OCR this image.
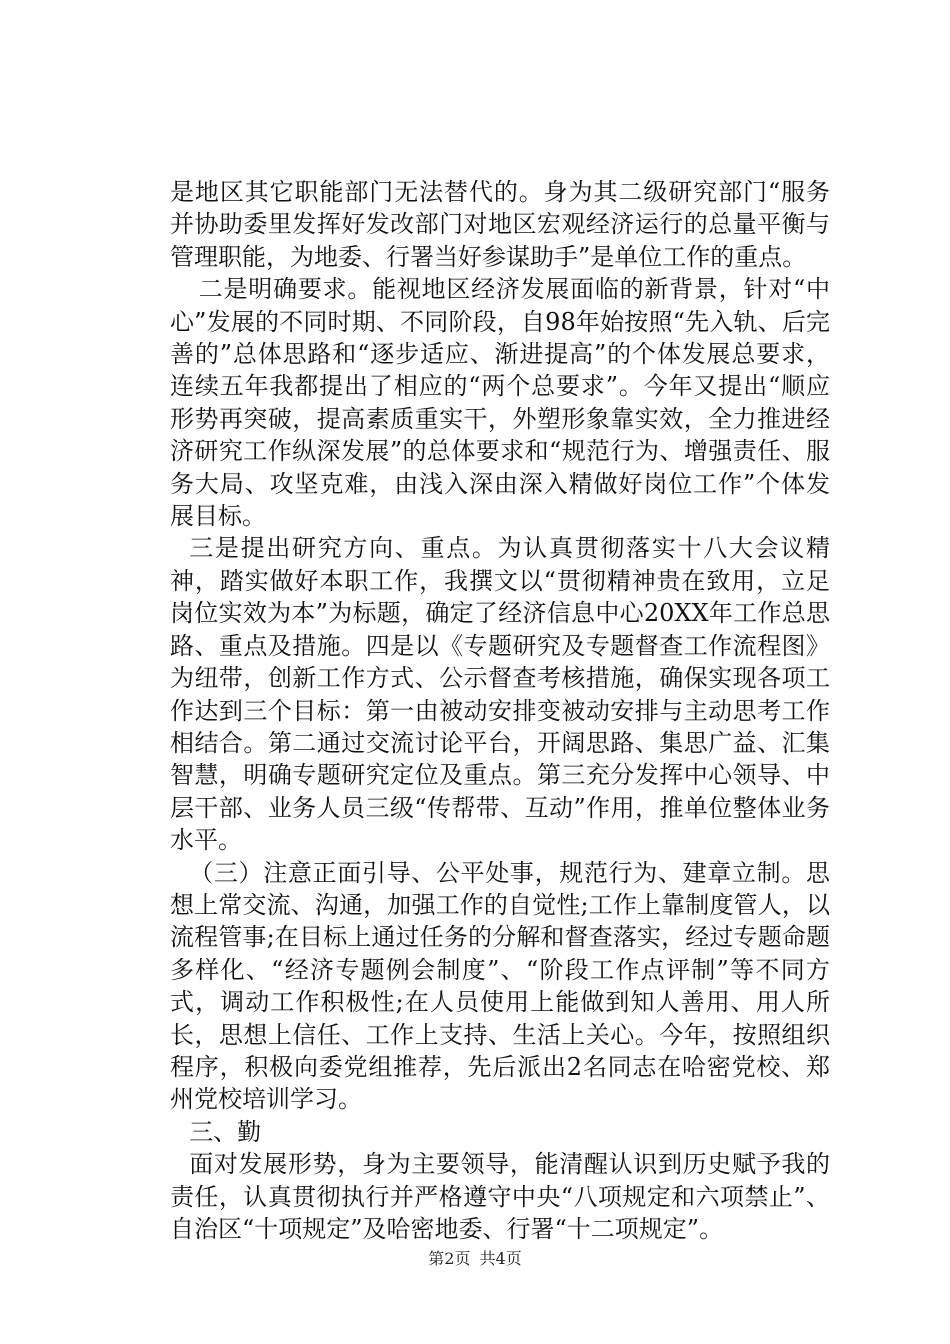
是地区其它职能部门无法替代的。身为其二级研究部门“服务并协助委里发挥好发改部门对地区宏观经济运行的总量平衡与管理职能，为地委、行署当好参谋助手”是单位工作的重点。

二是明确要求。能视地区经济发展面临的新背景，针对“中心”发展的不同时期、不同阶段，自98年始按照“先入轨、后完善的”总体思路和“逐步适应、渐进提高”的个体发展总要求，连续五年我都提出了相应的“两个总要求”。今年又提出“顺应形势再突破，提高素质重实干，外塑形象靠实效，全力推进经济研究工作纵深发展”的总体要求和“规范行为、增强责任、服务大局、攻坚克难，由浅入深由深入精做好岗位工作”个体发展目标。

三是提出研究方向、重点。为认真贯彻落实十八大会议精神，踏实做好本职工作，我撰文以“贯彻精神贵在致用，立足岗位实效为本”为标题，确定了经济信息中心20XX年工作总思路、重点及措施。四是以《专题研究及专题督查工作流程图》为纽带，创新工作方式、公示督查考核措施，确保实现各项工作达到三个目标：第一由被动安排变被动安排与主动思考工作相结合。第二通过交流讨论平台，开阔思路、集思广益、汇集智慧，明确专题研究定位及重点。第三充分发挥中心领导、中层干部、业务人员三级“传帮带、互动”作用，推单位整体业务水平。

（三）注意正面引导、公平处事，规范行为、建章立制。思想上常交流、沟通，加强工作的自觉性;工作上靠制度管人，以流程管事;在目标上通过任务的分解和督查落实，经过专题命题多样化、“经济专题例会制度”、“阶段工作点评制”等不同方式，调动工作积极性;在人员使用上能做到知人善用、用人所长，思想上信任、工作上支持、生活上关心。今年，按照组织程序，积极向委党组推荐，先后派出2名同志在哈密党校、郑州党校培训学习。

三、勤

面对发展形势，身为主要领导，能清醒认识到历史赋予我的责任，认真贯彻执行并严格遵守中央“八项规定和六项禁止”、自治区“十项规定”及哈密地委、行署“十二项规定”。

第2页 共4页
